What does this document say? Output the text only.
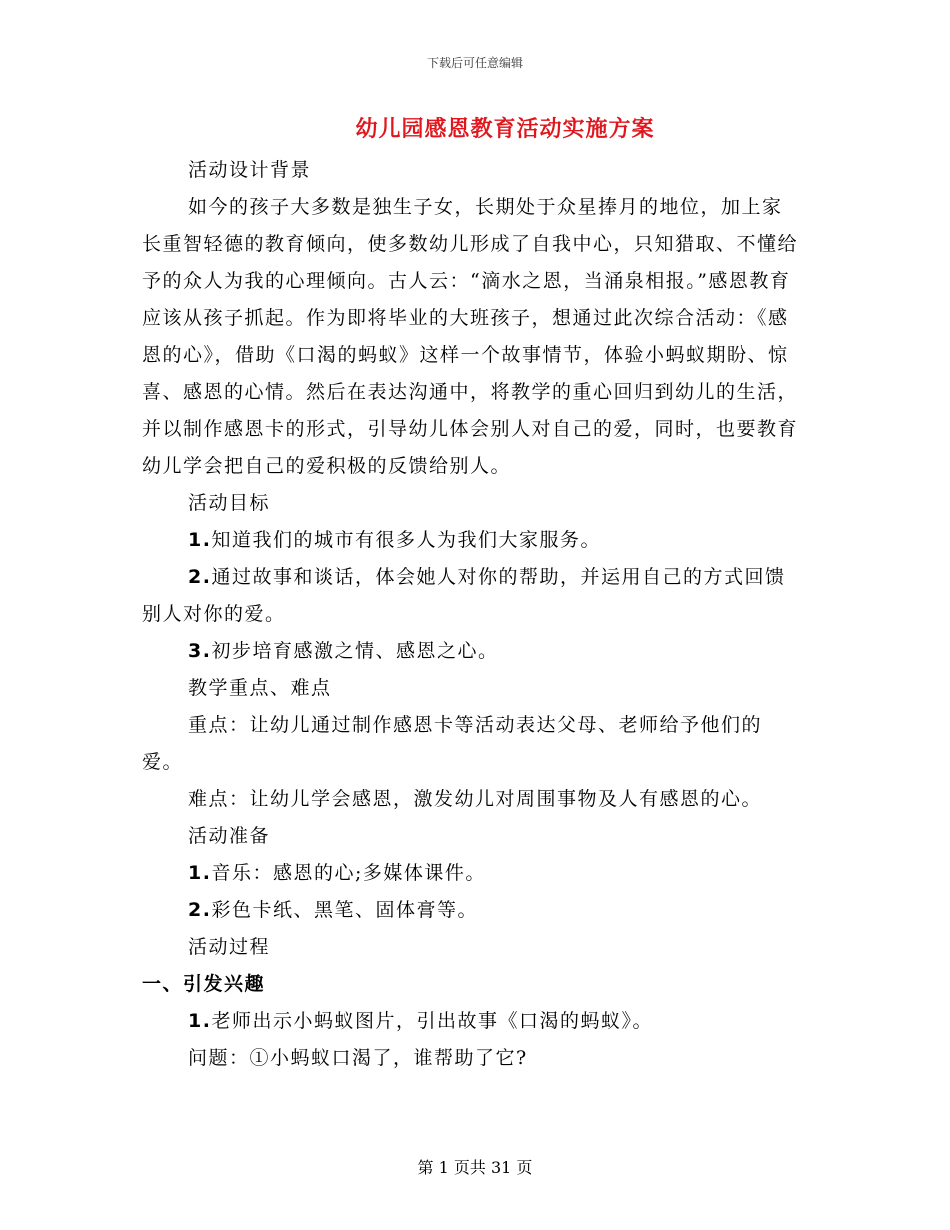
下载后可任意编辑
幼儿园感恩教育活动实施方案

活动设计背景

如今的孩子大多数是独生子女，长期处于众星捧月的地位，加上家长重智轻德的教育倾向，使多数幼儿形成了自我中心，只知猎取、不懂给予的众人为我的心理倾向。古人云：“滴水之恩，当涌泉相报。”感恩教育应该从孩子抓起。作为即将毕业的大班孩子，想通过此次综合活动：《感恩的心》，借助《口渴的蚂蚁》这样一个故事情节，体验小蚂蚁期盼、惊喜、感恩的心情。然后在表达沟通中，将教学的重心回归到幼儿的生活，并以制作感恩卡的形式，引导幼儿体会别人对自己的爱，同时，也要教育幼儿学会把自己的爱积极的反馈给别人。

活动目标

1.知道我们的城市有很多人为我们大家服务。

2.通过故事和谈话，体会她人对你的帮助，并运用自己的方式回馈别人对你的爱。

3.初步培育感激之情、感恩之心。

教学重点、难点

重点：让幼儿通过制作感恩卡等活动表达父母、老师给予他们的爱。

难点：让幼儿学会感恩，激发幼儿对周围事物及人有感恩的心。

活动准备

1.音乐：感恩的心;多媒体课件。

2.彩色卡纸、黑笔、固体膏等。

活动过程

一、引发兴趣

1.老师出示小蚂蚁图片，引出故事《口渴的蚂蚁》。

问题：①小蚂蚁口渴了，谁帮助了它?

第 1 页共 31 页
